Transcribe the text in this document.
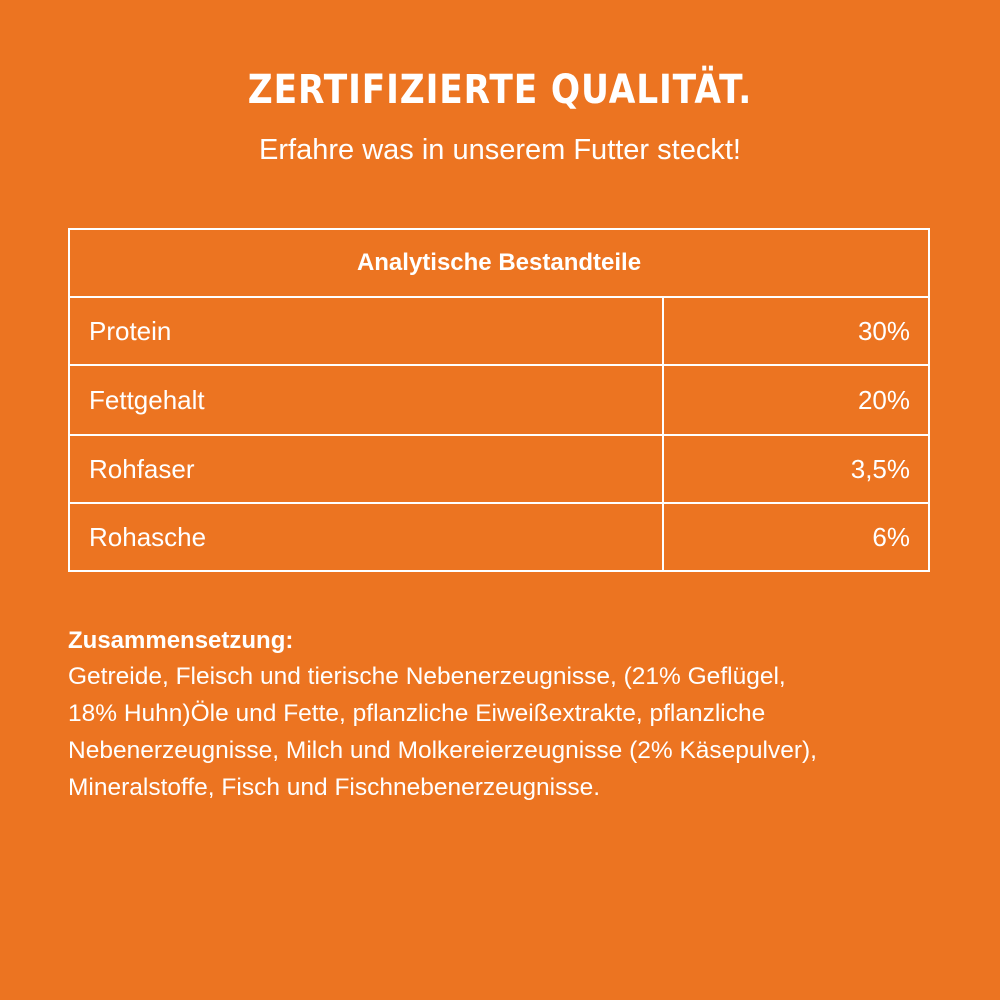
ZERTIFIZIERTE QUALITÄT.
Erfahre was in unserem Futter steckt!
Analytische Bestandteile
Protein	30%
Fettgehalt	20%
Rohfaser	3,5%
Rohasche	6%
Zusammensetzung:
Getreide, Fleisch und tierische Nebenerzeugnisse, (21% Geflügel,
18% Huhn)Öle und Fette, pflanzliche Eiweißextrakte, pflanzliche
Nebenerzeugnisse, Milch und Molkereierzeugnisse (2% Käsepulver),
Mineralstoffe, Fisch und Fischnebenerzeugnisse.
